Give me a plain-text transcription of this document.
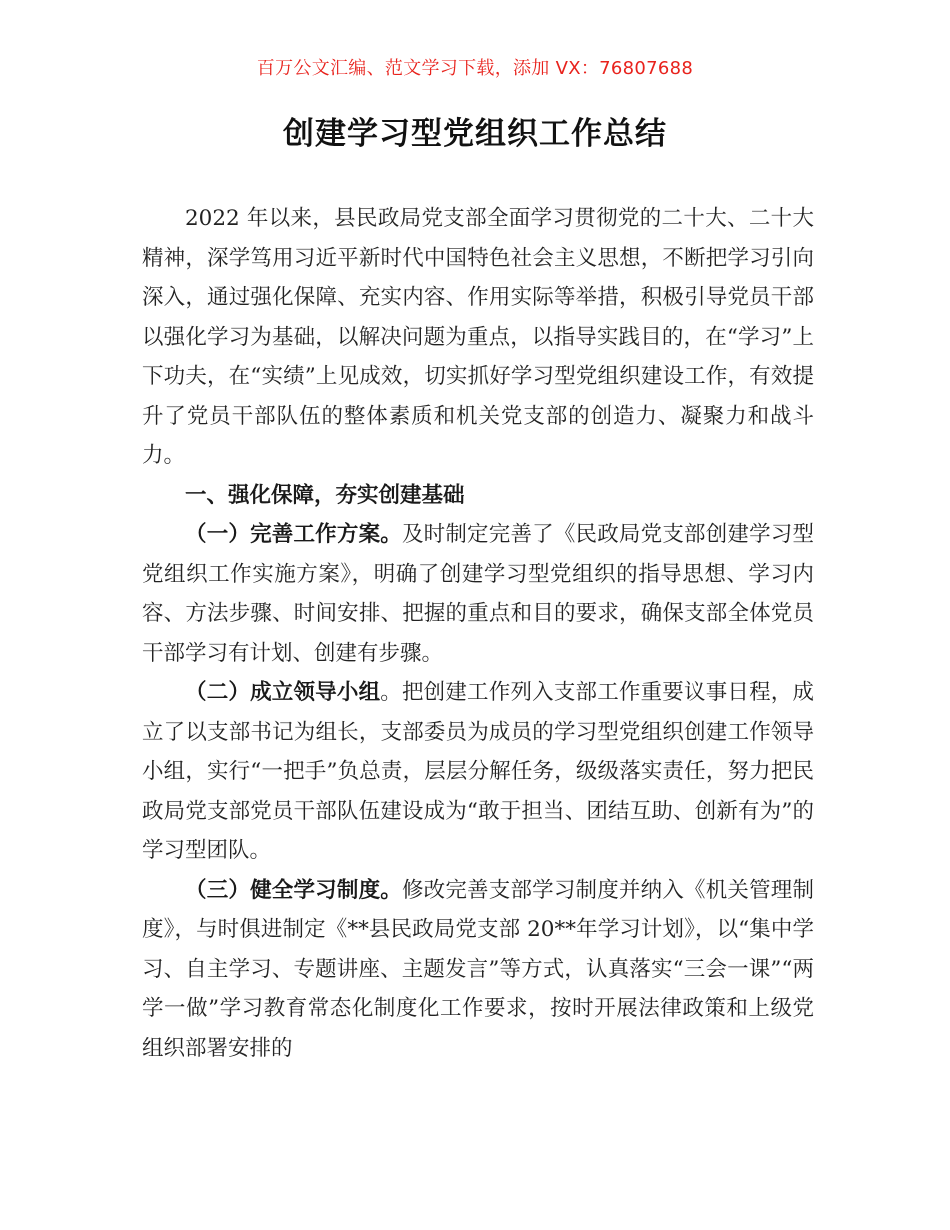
百万公文汇编、范文学习下载，添加 VX：76807688
创建学习型党组织工作总结

2022 年以来，县民政局党支部全面学习贯彻党的二十大、二十大精神，深学笃用习近平新时代中国特色社会主义思想，不断把学习引向深入，通过强化保障、充实内容、作用实际等举措，积极引导党员干部以强化学习为基础，以解决问题为重点，以指导实践目的，在“学习”上下功夫，在“实绩”上见成效，切实抓好学习型党组织建设工作，有效提升了党员干部队伍的整体素质和机关党支部的创造力、凝聚力和战斗力。

一、强化保障，夯实创建基础

（一）完善工作方案。及时制定完善了《民政局党支部创建学习型党组织工作实施方案》，明确了创建学习型党组织的指导思想、学习内容、方法步骤、时间安排、把握的重点和目的要求，确保支部全体党员干部学习有计划、创建有步骤。

（二）成立领导小组。把创建工作列入支部工作重要议事日程，成立了以支部书记为组长，支部委员为成员的学习型党组织创建工作领导小组，实行“一把手”负总责，层层分解任务，级级落实责任，努力把民政局党支部党员干部队伍建设成为“敢于担当、团结互助、创新有为”的学习型团队。

（三）健全学习制度。修改完善支部学习制度并纳入《机关管理制度》，与时俱进制定《**县民政局党支部 20**年学习计划》，以“集中学习、自主学习、专题讲座、主题发言”等方式，认真落实“三会一课”“两学一做”学习教育常态化制度化工作要求，按时开展法律政策和上级党组织部署安排的
